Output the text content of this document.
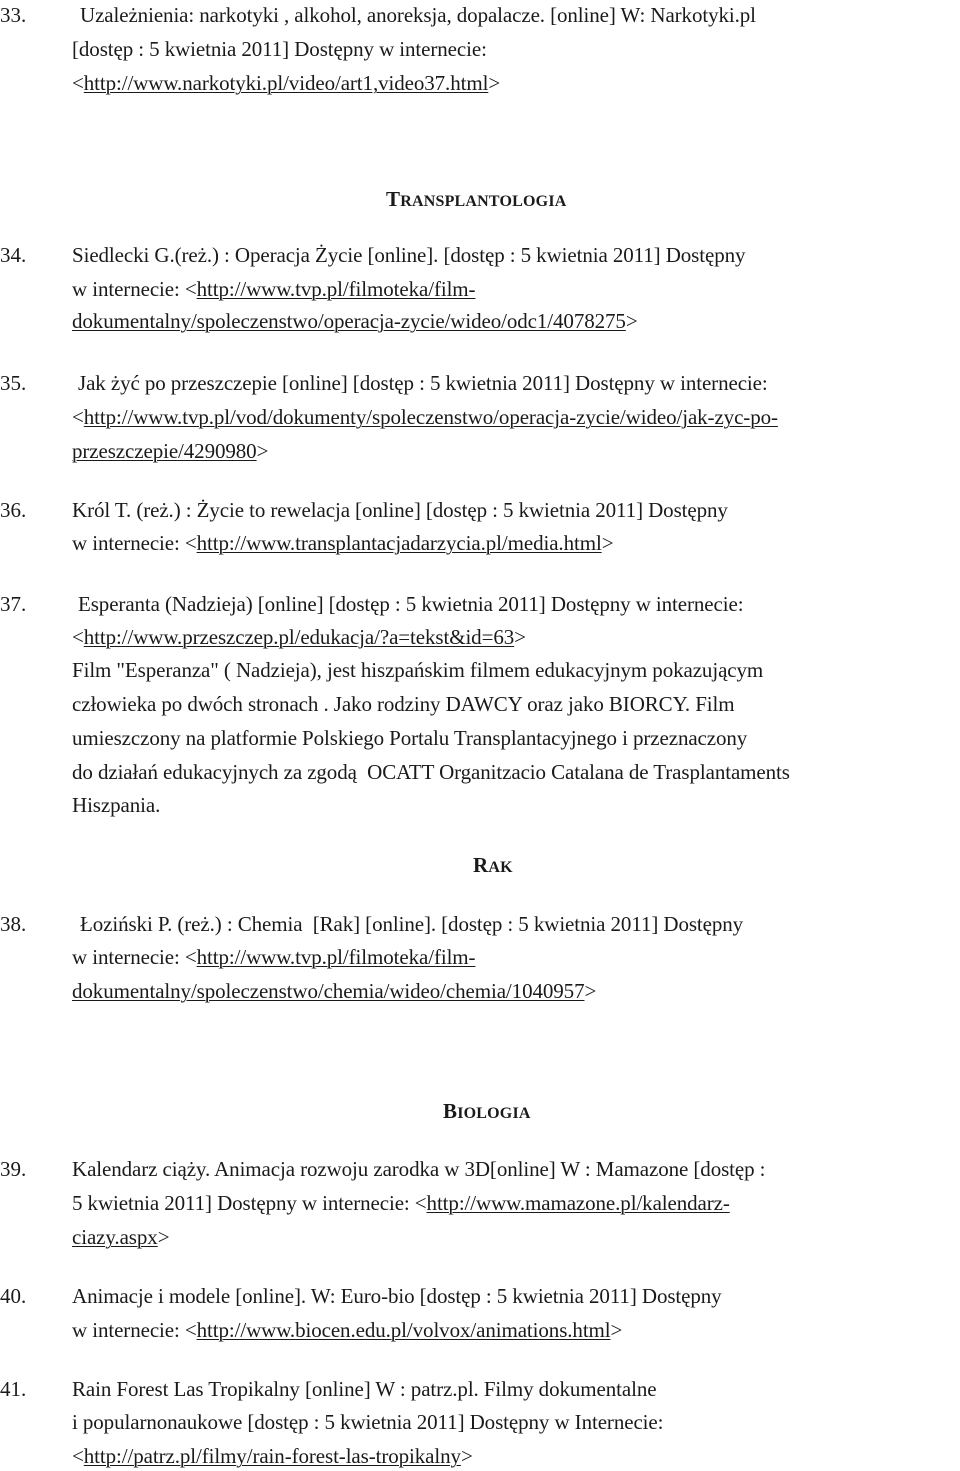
33.	Uzależnienia: narkotyki , alkohol, anoreksja, dopalacze. [online] W: Narkotyki.pl
[dostęp : 5 kwietnia 2011] Dostępny w internecie:
<http://www.narkotyki.pl/video/art1,video37.html>
34. Siedlecki G.(reż.) : Operacja Życie [online]. [dostęp : 5 kwietnia 2011] Dostępny
w internecie: <http://www.tvp.pl/filmoteka/film-
dokumentalny/spoleczenstwo/operacja-zycie/wideo/odc1/4078275>
35. Jak żyć po przeszczepie [online] [dostęp : 5 kwietnia 2011] Dostępny w internecie:
<http://www.tvp.pl/vod/dokumenty/spoleczenstwo/operacja-zycie/wideo/jak-zyc-po-
przeszczepie/4290980>
36. Król T. (reż.) : Życie to rewelacja [online] [dostęp : 5 kwietnia 2011] Dostępny
w internecie: <http://www.transplantacjadarzycia.pl/media.html>
37. Esperanta (Nadzieja) [online] [dostęp : 5 kwietnia 2011] Dostępny w internecie:
<http://www.przeszczep.pl/edukacja/?a=tekst&id=63>
Film "Esperanza" ( Nadzieja), jest hiszpańskim filmem edukacyjnym pokazującym
człowieka po dwóch stronach . Jako rodziny DAWCY oraz jako BIORCY. Film
umieszczony na platformie Polskiego Portalu Transplantacyjnego i przeznaczony
do działań edukacyjnych za zgodą  OCATT Organitzacio Catalana de Trasplantaments
Hiszpania.
38.	Łoziński P. (reż.) : Chemia  [Rak] [online]. [dostęp : 5 kwietnia 2011] Dostępny
w internecie: <http://www.tvp.pl/filmoteka/film-
dokumentalny/spoleczenstwo/chemia/wideo/chemia/1040957>
39. Kalendarz ciąży. Animacja rozwoju zarodka w 3D[online] W : Mamazone [dostęp :
5 kwietnia 2011] Dostępny w internecie: <http://www.mamazone.pl/kalendarz-
ciazy.aspx>
40. Animacje i modele [online]. W: Euro-bio [dostęp : 5 kwietnia 2011] Dostępny
w internecie: <http://www.biocen.edu.pl/volvox/animations.html>
41. Rain Forest Las Tropikalny [online] W : patrz.pl. Filmy dokumentalne
i popularnonaukowe [dostęp : 5 kwietnia 2011] Dostępny w Internecie:
<http://patrz.pl/filmy/rain-forest-las-tropikalny>
TRANSPLANTOLOGIA
RAK
BIOLOGIA
